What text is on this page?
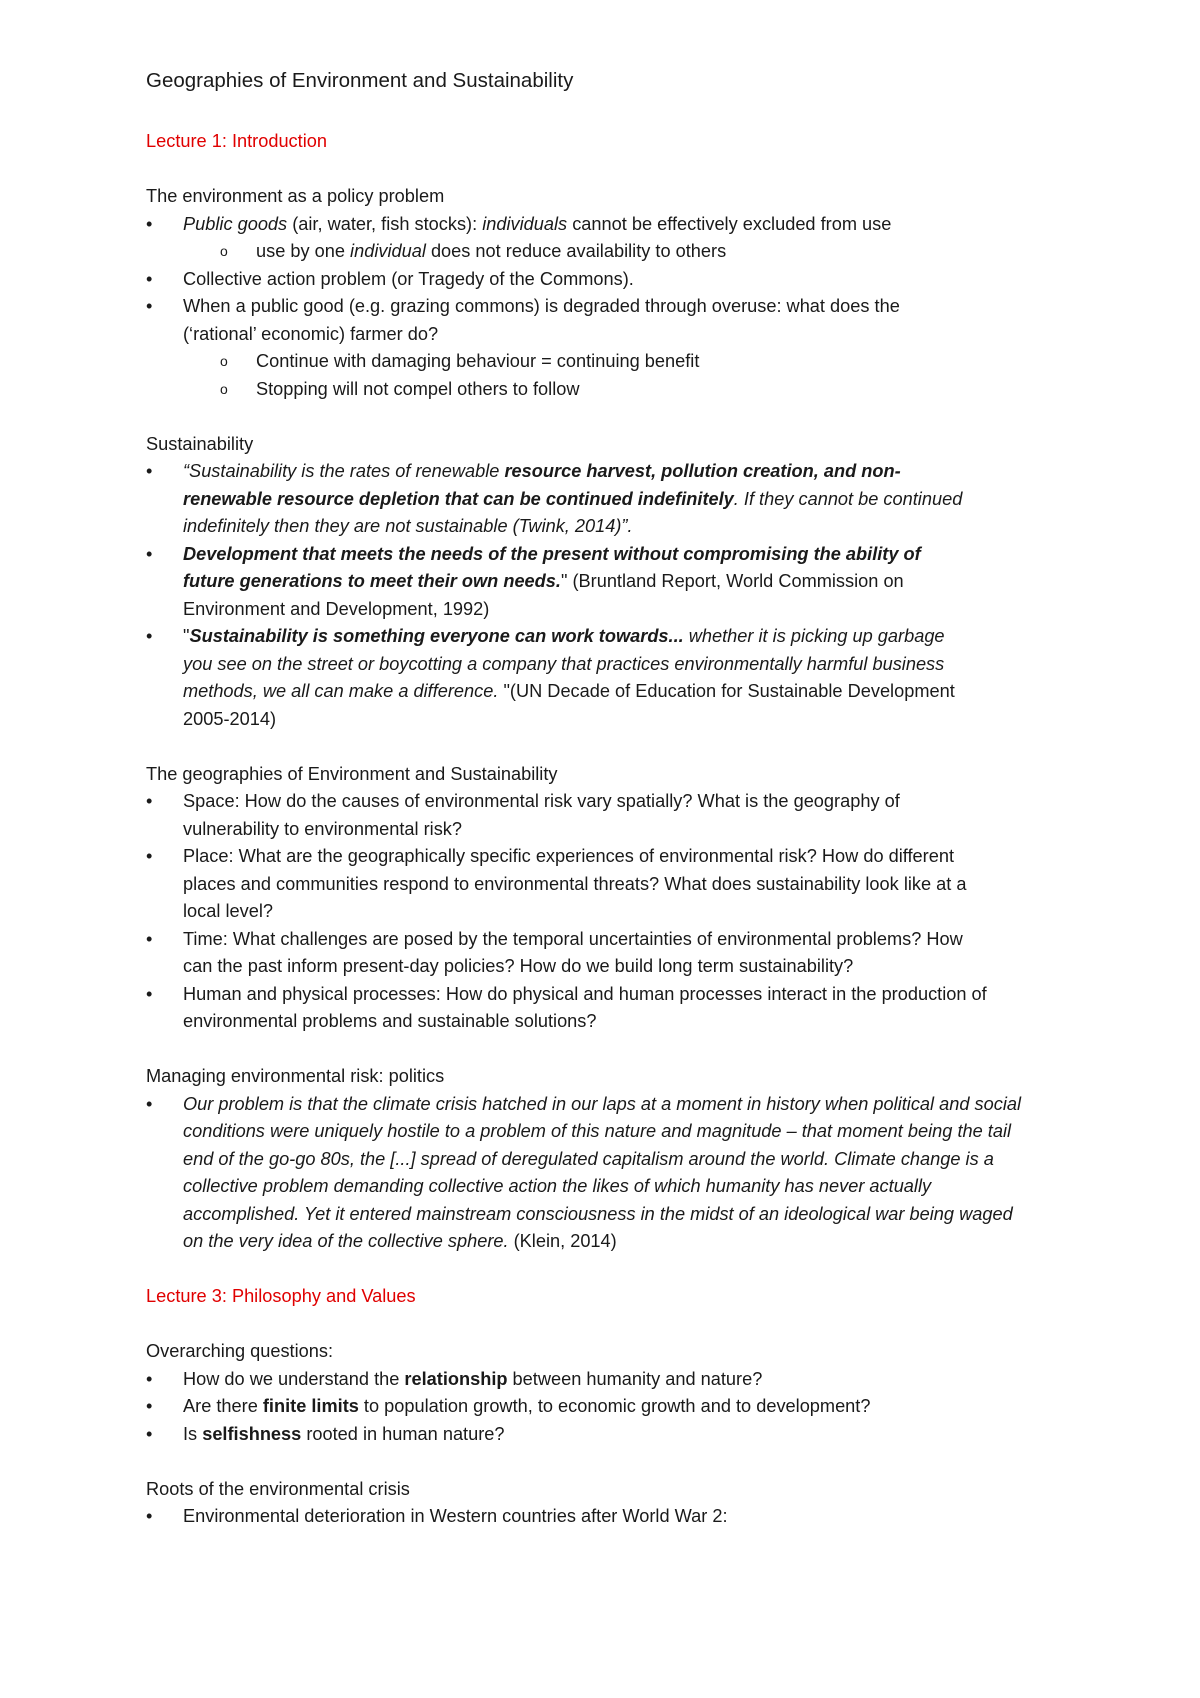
Geographies of Environment and Sustainability
Lecture 1: Introduction
The environment as a policy problem
•	Public goods (air, water, fish stocks): individuals cannot be effectively excluded from use
o use by one individual does not reduce availability to others
•	Collective action problem (or Tragedy of the Commons).
•	When a public good (e.g. grazing commons) is degraded through overuse: what does the (‘rational’ economic) farmer do?
o Continue with damaging behaviour = continuing benefit
o Stopping will not compel others to follow
Sustainability
•	“Sustainability is the rates of renewable resource harvest, pollution creation, and non-renewable resource depletion that can be continued indefinitely. If they cannot be continued indefinitely then they are not sustainable (Twink, 2014)”.
•	Development that meets the needs of the present without compromising the ability of future generations to meet their own needs." (Bruntland Report, World Commission on Environment and Development, 1992)
•	"Sustainability is something everyone can work towards... whether it is picking up garbage you see on the street or boycotting a company that practices environmentally harmful business methods, we all can make a difference. "(UN Decade of Education for Sustainable Development 2005-2014)
The geographies of Environment and Sustainability
•	Space: How do the causes of environmental risk vary spatially? What is the geography of vulnerability to environmental risk?
•	Place: What are the geographically specific experiences of environmental risk? How do different places and communities respond to environmental threats? What does sustainability look like at a local level?
•	Time: What challenges are posed by the temporal uncertainties of environmental problems? How can the past inform present-day policies? How do we build long term sustainability?
•	Human and physical processes: How do physical and human processes interact in the production of environmental problems and sustainable solutions?
Managing environmental risk: politics
•	Our problem is that the climate crisis hatched in our laps at a moment in history when political and social conditions were uniquely hostile to a problem of this nature and magnitude – that moment being the tail end of the go-go 80s, the [...] spread of deregulated capitalism around the world. Climate change is a collective problem demanding collective action the likes of which humanity has never actually accomplished. Yet it entered mainstream consciousness in the midst of an ideological war being waged on the very idea of the collective sphere. (Klein, 2014)
Lecture 3: Philosophy and Values
Overarching questions:
•	How do we understand the relationship between humanity and nature?
•	Are there finite limits to population growth, to economic growth and to development?
•	Is selfishness rooted in human nature?
Roots of the environmental crisis
•	Environmental deterioration in Western countries after World War 2:
